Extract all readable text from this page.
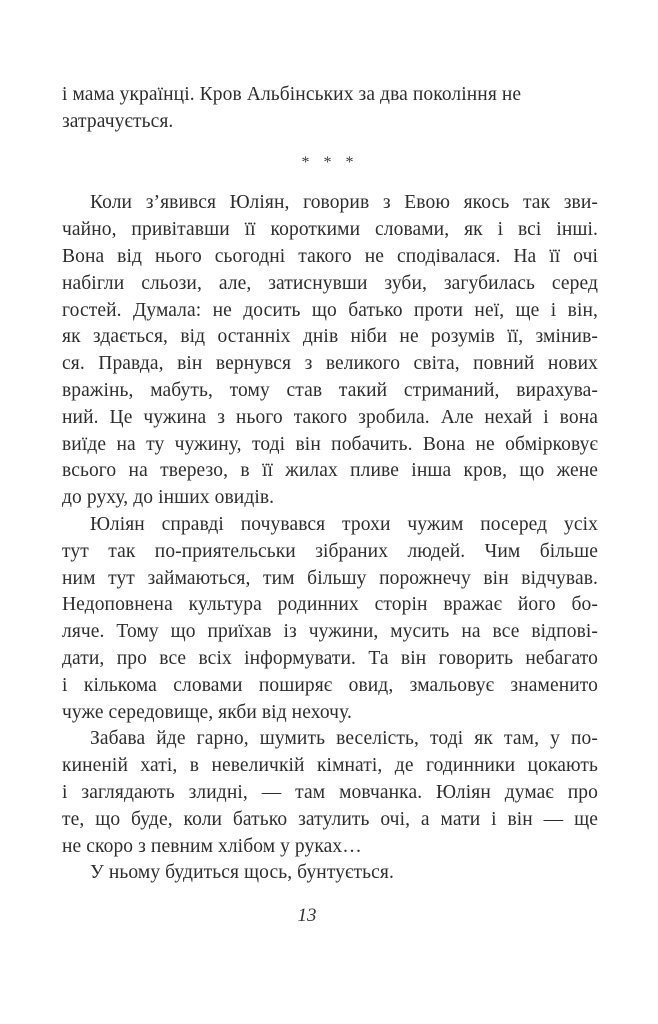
і мама українці. Кров Альбінських за два покоління не
затрачується.
* * *
Коли з’явився Юліян, говорив з Евою якось так зви-
чайно, привітавши її короткими словами, як і всі інші.
Вона від нього сьогодні такого не сподівалася. На її очі
набігли сльози, але, затиснувши зуби, загубилась серед
гостей. Думала: не досить що батько проти неї, ще і він,
як здається, від останніх днів ніби не розумів її, змінив-
ся. Правда, він вернувся з великого світа, повний нових
вражінь, мабуть, тому став такий стриманий, вирахува-
ний. Це чужина з нього такого зробила. Але нехай і вона
виїде на ту чужину, тоді він побачить. Вона не обмірковує
всього на тверезо, в її жилах пливе інша кров, що жене
до руху, до інших овидів.
Юліян справді почувався трохи чужим посеред усіх
тут так по-приятельськи зібраних людей. Чим більше
ним тут займаються, тим більшу порожнечу він відчував.
Недоповнена культура родинних сторін вражає його бо-
ляче. Тому що приїхав із чужини, мусить на все відпові-
дати, про все всіх інформувати. Та він говорить небагато
і кількома словами поширяє овид, змальовує знаменито
чуже середовище, якби від нехочу.
Забава йде гарно, шумить веселість, тоді як там, у по-
киненій хаті, в невеличкій кімнаті, де годинники цокають
і заглядають злидні, — там мовчанка. Юліян думає про
те, що буде, коли батько затулить очі, а мати і він — ще
не скоро з певним хлібом у руках…
У ньому будиться щось, бунтується.
13
